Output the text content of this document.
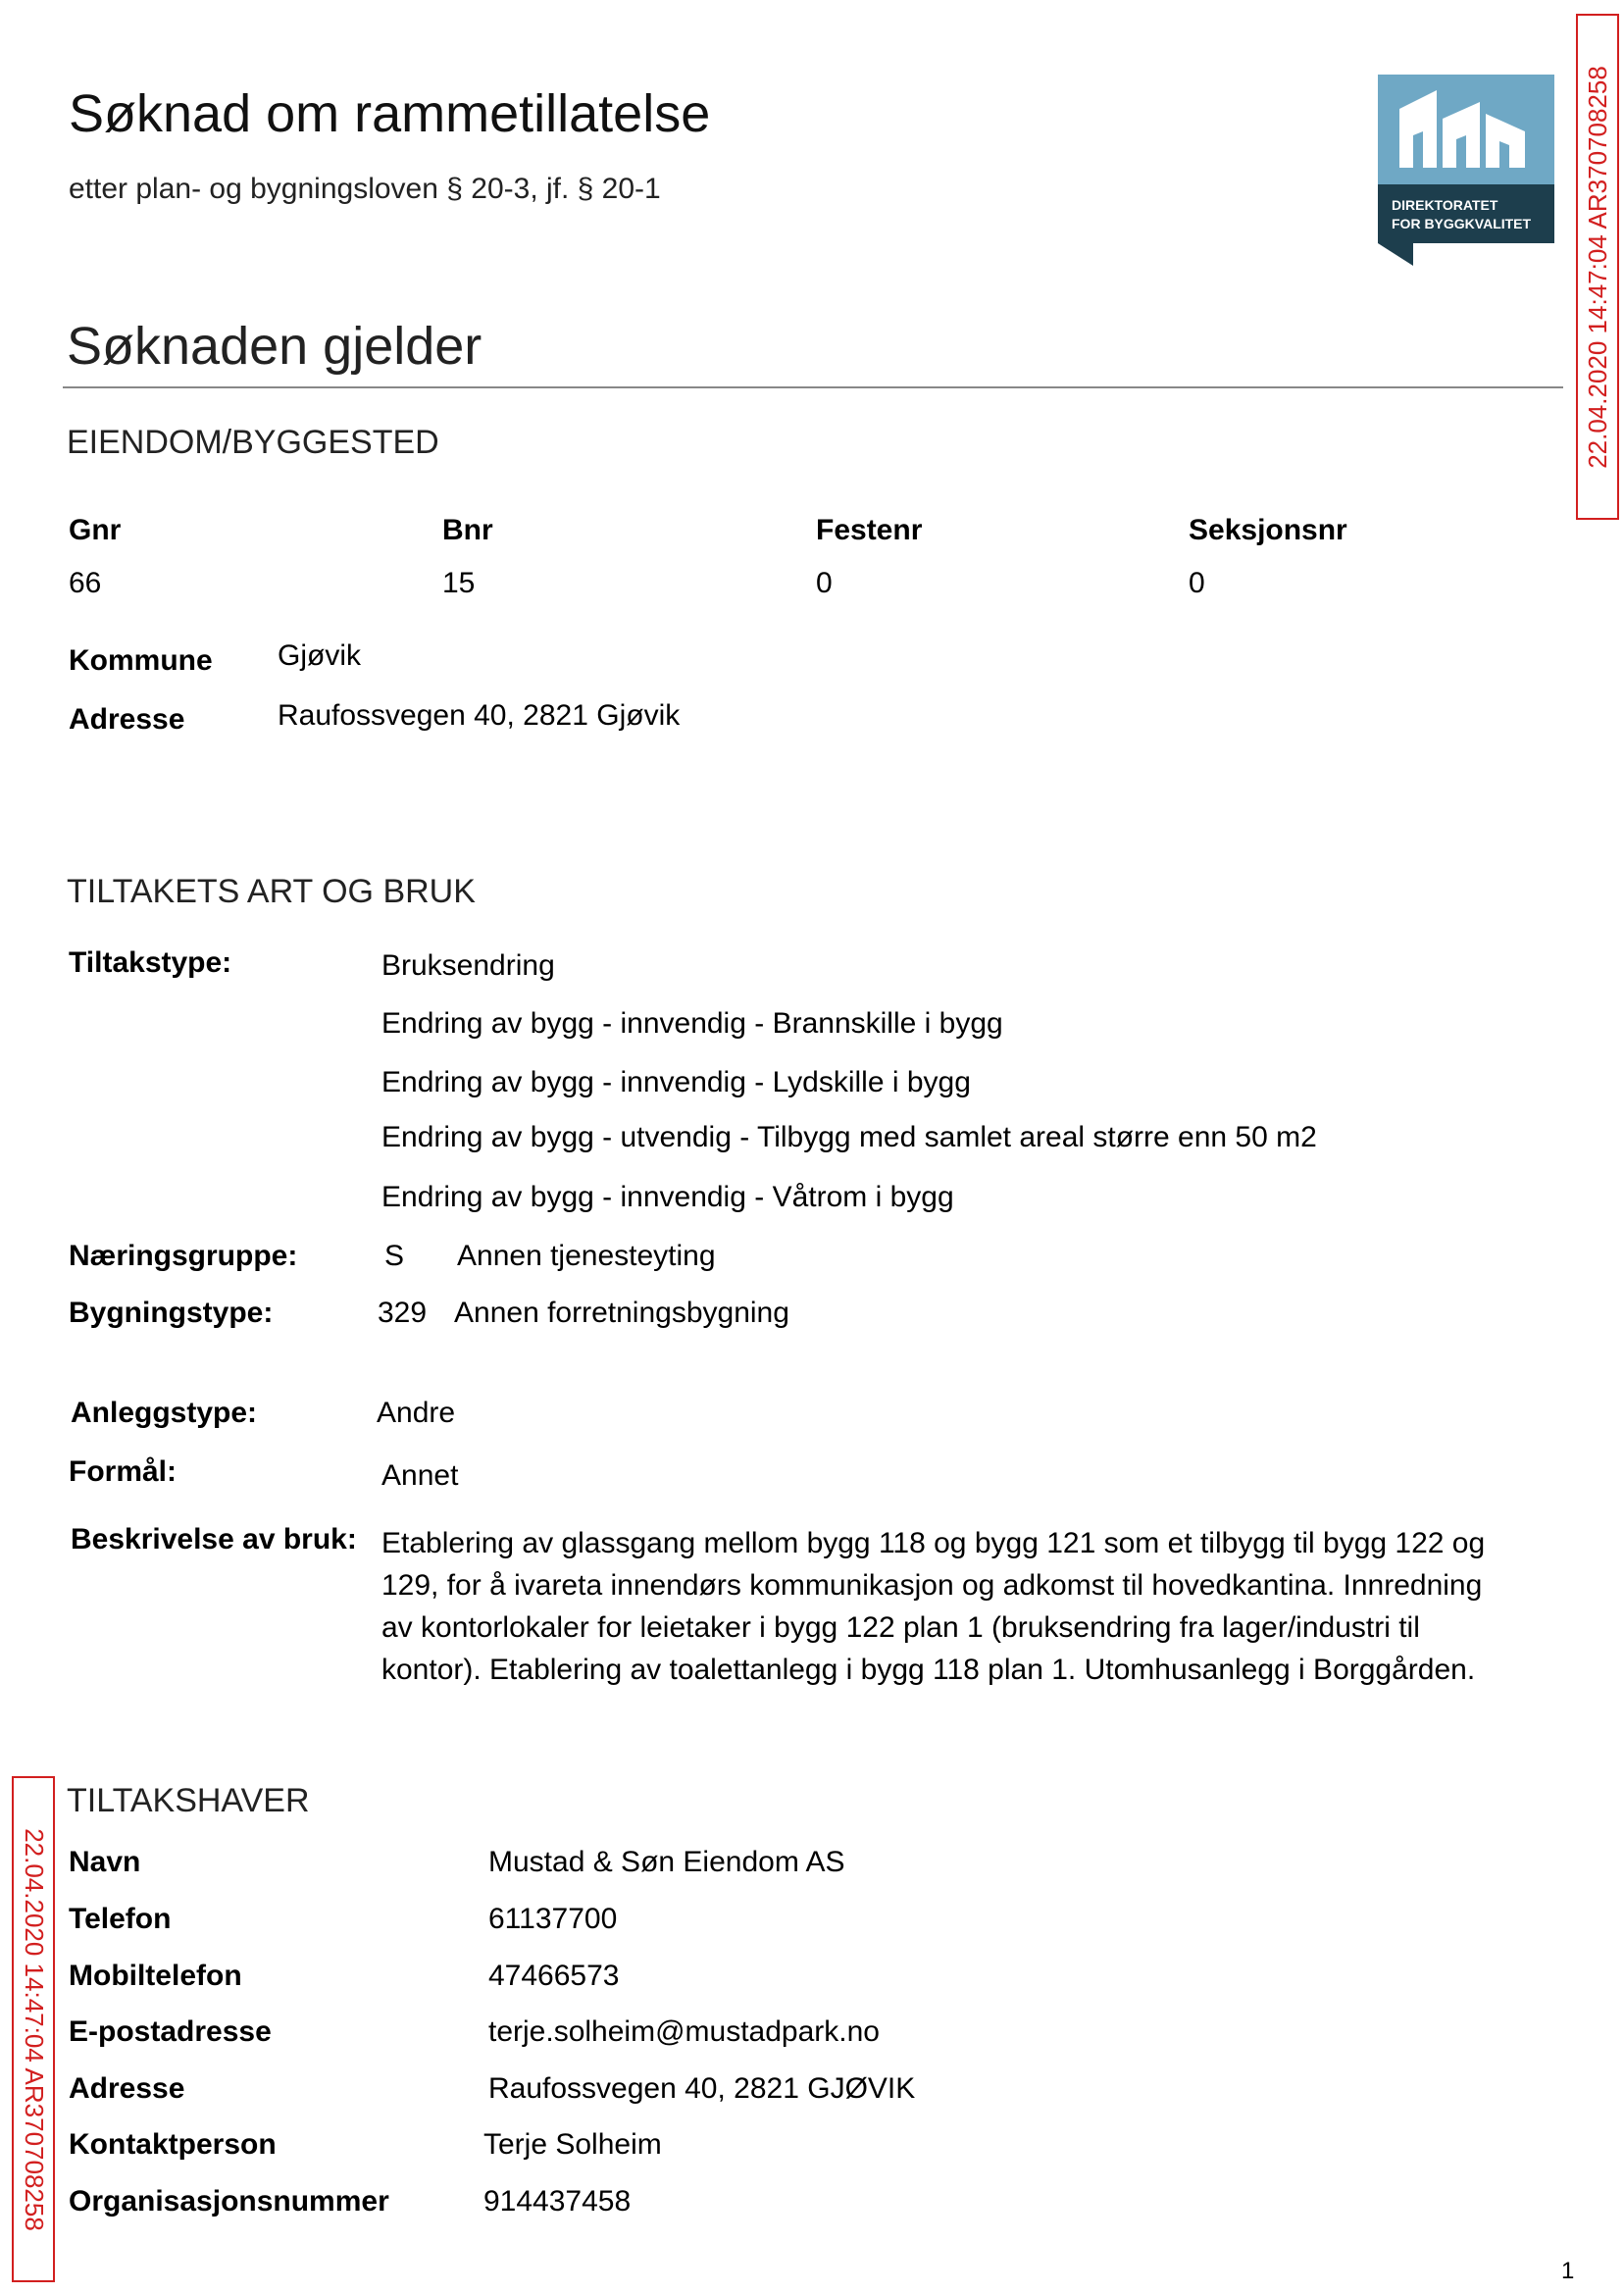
Søknad om rammetillatelse
etter plan- og bygningsloven § 20-3, jf. § 20-1	DIREKTORATET
FOR BYGGKVALITET 22.04.2020 14:47:04 AR370708258
22.04.2020 14:47:04 AR370708258
Søknaden gjelder
EIENDOM/BYGGESTED
Gnr	Bnr	Festenr	Seksjonsnr
66	15	0	0
Kommune Gjøvik
Adresse	Raufossvegen 40, 2821 Gjøvik
TILTAKETS ART OG BRUK
Tiltakstype:	Bruksendring
Endring av bygg - innvendig - Brannskille i bygg
Endring av bygg - innvendig - Lydskille i bygg
Endring av bygg - utvendig - Tilbygg med samlet areal større enn 50 m2
Endring av bygg - innvendig - Våtrom i bygg
Næringsgruppe:	S Annen tjenesteyting
Bygningstype:	329 Annen forretningsbygning
Anleggstype:	Andre
Formål:	Annet
Beskrivelse av bruk: Etablering av glassgang mellom bygg 118 og bygg 121 som et tilbygg til bygg 122 og 129, for å ivareta innendørs kommunikasjon og adkomst til hovedkantina. Innredning av kontorlokaler for leietaker i bygg 122 plan 1 (bruksendring fra lager/industri til kontor). Etablering av toalettanlegg i bygg 118 plan 1. Utomhusanlegg i Borggården.
TILTAKSHAVER
Navn	Mustad & Søn Eiendom AS
Telefon	61137700
Mobiltelefon	47466573
E-postadresse	terje.solheim@mustadpark.no
Adresse	Raufossvegen 40, 2821 GJØVIK
Kontaktperson	Terje Solheim
Organisasjonsnummer	914437458
1
